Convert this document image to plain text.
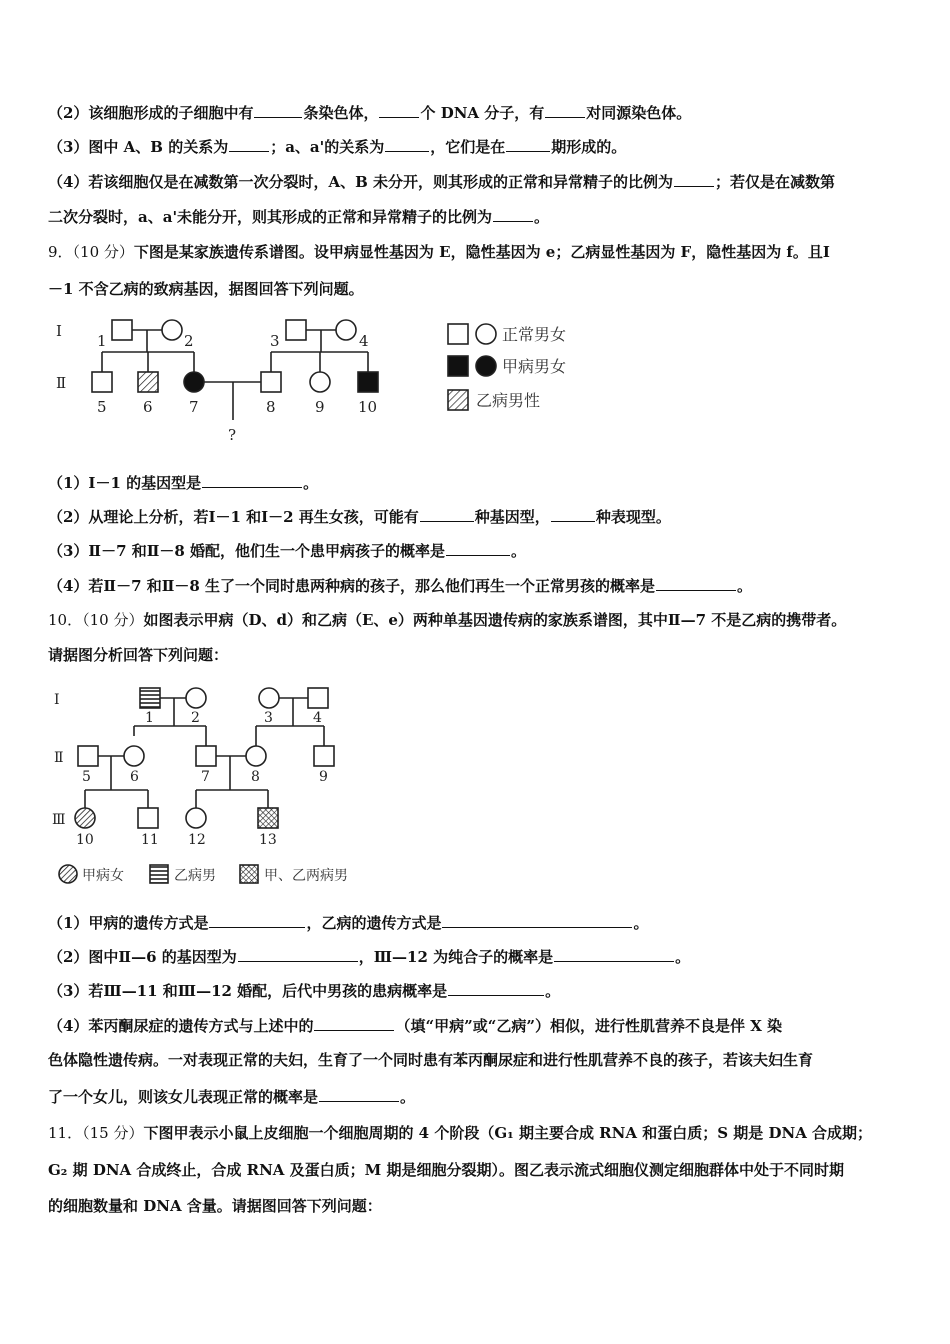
（2）该细胞形成的子细胞中有	条染色体，	个 DNA 分子，有	对同源染色体。
（3）图中 A、B 的关系为	；a、a'的关系为	，它们是在	期形成的。
（4）若该细胞仅是在减数第一次分裂时，A、B 未分开，则其形成的正常和异常精子的比例为	；若仅是在减数第
二次分裂时，a、a'未能分开，则其形成的正常和异常精子的比例为	。
9．（10 分）下图是某家族遗传系谱图。设甲病显性基因为 E，隐性基因为 e；乙病显性基因为 F，隐性基因为 f。且Ⅰ
－1 不含乙病的致病基因，据图回答下列问题。
Ⅰ
Ⅱ
1	2	3	4
5 6 7	8	9 10
?
正常男女
甲病男女
乙病男性
（1）Ⅰ－1 的基因型是	。
（2）从理论上分析，若Ⅰ－1 和Ⅰ－2 再生女孩，可能有	种基因型，	种表现型。
（3）Ⅱ－7 和Ⅱ－8 婚配，他们生一个患甲病孩子的概率是	。
（4）若Ⅱ－7 和Ⅱ－8 生了一个同时患两种病的孩子，那么他们再生一个正常男孩的概率是	。
10．（10 分）如图表示甲病（D、d）和乙病（E、e）两种单基因遗传病的家族系谱图，其中Ⅱ—7 不是乙病的携带者。
请据图分析回答下列问题：
Ⅰ
Ⅱ
Ⅲ
1	2	3	4
5	6	7	8	9
10	11 12	13
甲病女	乙病男	甲、乙两病男
（1）甲病的遗传方式是	，乙病的遗传方式是	。
（2）图中Ⅱ—6 的基因型为	，Ⅲ—12 为纯合子的概率是	。
（3）若Ⅲ—11 和Ⅲ—12 婚配，后代中男孩的患病概率是	。
（4）苯丙酮尿症的遗传方式与上述中的	（填“甲病”或“乙病”）相似，进行性肌营养不良是伴 X 染
色体隐性遗传病。一对表现正常的夫妇，生育了一个同时患有苯丙酮尿症和进行性肌营养不良的孩子，若该夫妇生育
了一个女儿，则该女儿表现正常的概率是	。
11．（15 分）下图甲表示小鼠上皮细胞一个细胞周期的 4 个阶段（G₁ 期主要合成 RNA 和蛋白质；S 期是 DNA 合成期；
G₂ 期 DNA 合成终止，合成 RNA 及蛋白质；M 期是细胞分裂期）。图乙表示流式细胞仪测定细胞群体中处于不同时期
的细胞数量和 DNA 含量。请据图回答下列问题：
